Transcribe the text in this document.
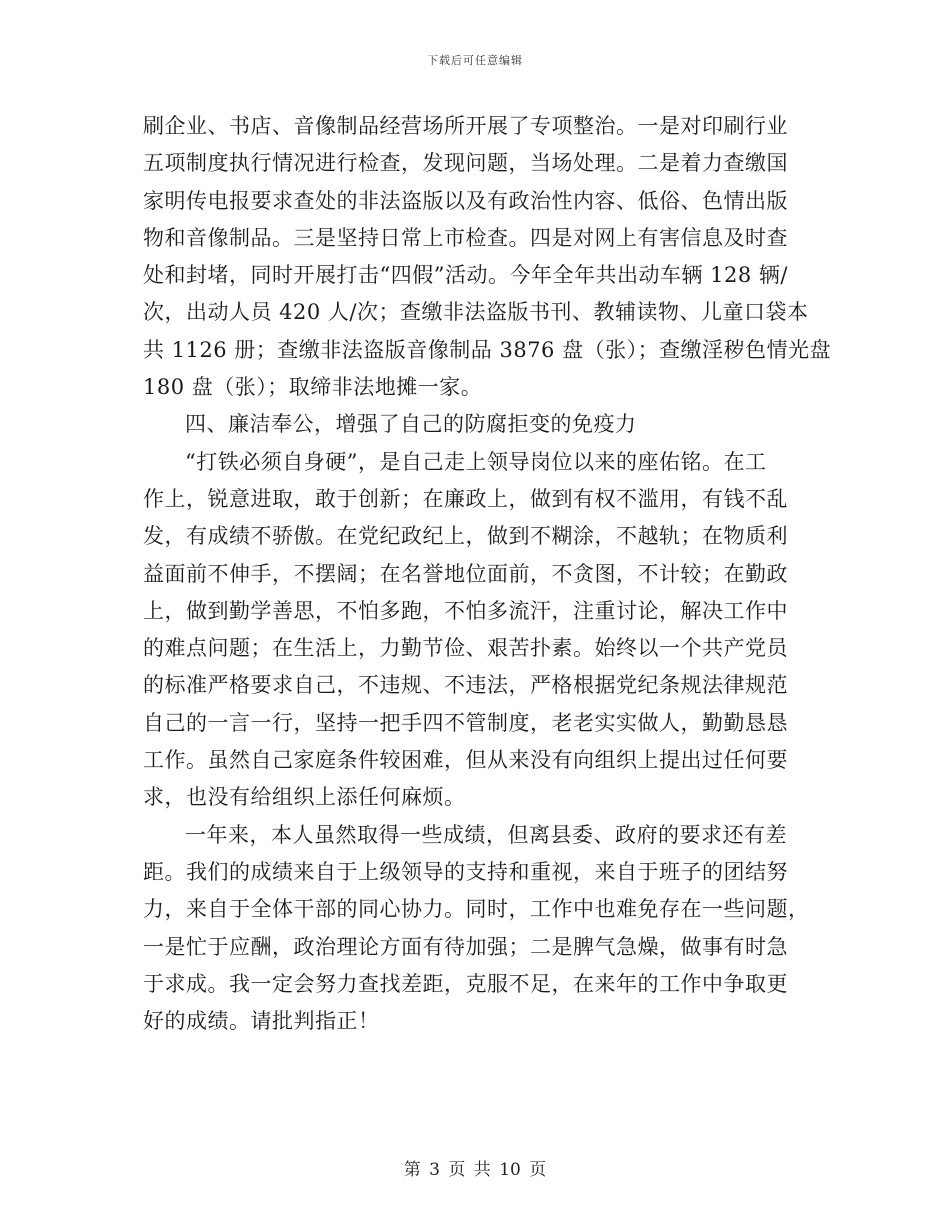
下载后可任意编辑
刷企业、书店、音像制品经营场所开展了专项整治。一是对印刷行业
五项制度执行情况进行检查，发现问题，当场处理。二是着力查缴国
家明传电报要求查处的非法盗版以及有政治性内容、低俗、色情出版
物和音像制品。三是坚持日常上市检查。四是对网上有害信息及时查
处和封堵，同时开展打击“四假”活动。今年全年共出动车辆 128 辆/
次，出动人员 420 人/次；查缴非法盗版书刊、教辅读物、儿童口袋本
共 1126 册；查缴非法盗版音像制品 3876 盘（张）；查缴淫秽色情光盘
180 盘（张）；取缔非法地摊一家。
四、廉洁奉公，增强了自己的防腐拒变的免疫力
“打铁必须自身硬”，是自己走上领导岗位以来的座佑铭。在工
作上，锐意进取，敢于创新；在廉政上，做到有权不滥用，有钱不乱
发，有成绩不骄傲。在党纪政纪上，做到不糊涂，不越轨；在物质利
益面前不伸手，不摆阔；在名誉地位面前，不贪图，不计较；在勤政
上，做到勤学善思，不怕多跑，不怕多流汗，注重讨论，解决工作中
的难点问题；在生活上，力勤节俭、艰苦扑素。始终以一个共产党员
的标准严格要求自己，不违规、不违法，严格根据党纪条规法律规范
自己的一言一行，坚持一把手四不管制度，老老实实做人，勤勤恳恳
工作。虽然自己家庭条件较困难，但从来没有向组织上提出过任何要
求，也没有给组织上添任何麻烦。
一年来，本人虽然取得一些成绩，但离县委、政府的要求还有差
距。我们的成绩来自于上级领导的支持和重视，来自于班子的团结努
力，来自于全体干部的同心协力。同时，工作中也难免存在一些问题，
一是忙于应酬，政治理论方面有待加强；二是脾气急燥，做事有时急
于求成。我一定会努力查找差距，克服不足，在来年的工作中争取更
好的成绩。请批判指正！
第 3 页 共 10 页
